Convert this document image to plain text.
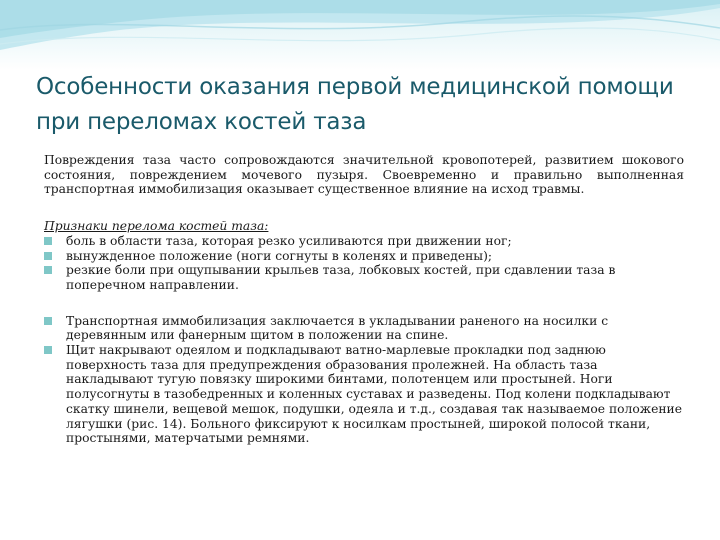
Особенности оказания первой медицинской помощи при переломах костей таза

Повреждения таза часто сопровождаются значительной кровопотерей, развитием шокового состояния, повреждением мочевого пузыря. Своевременно и правильно выполненная транспортная иммобилизация оказывает существенное влияние на исход травмы.

Признаки перелома костей таза:

боль в области таза, которая резко усиливаются при движении ног;
вынужденное положение (ноги согнуты в коленях и приведены);
резкие боли при ощупывании крыльев таза, лобковых костей, при сдавлении таза в поперечном направлении.
Транспортная иммобилизация заключается в укладывании раненого на носилки с деревянным или фанерным щитом в положении на спине.
Щит накрывают одеялом и подкладывают ватно-марлевые прокладки под заднюю поверхность таза для предупреждения образования пролежней. На область таза накладывают тугую повязку широкими бинтами, полотенцем или простыней. Ноги полусогнуты в тазобедренных и коленных суставах и разведены. Под колени подкладывают скатку шинели, вещевой мешок, подушки, одеяла и т.д., создавая так называемое положение лягушки (рис. 14). Больного фиксируют к носилкам простыней, широкой полосой ткани, простынями, матерчатыми ремнями.
